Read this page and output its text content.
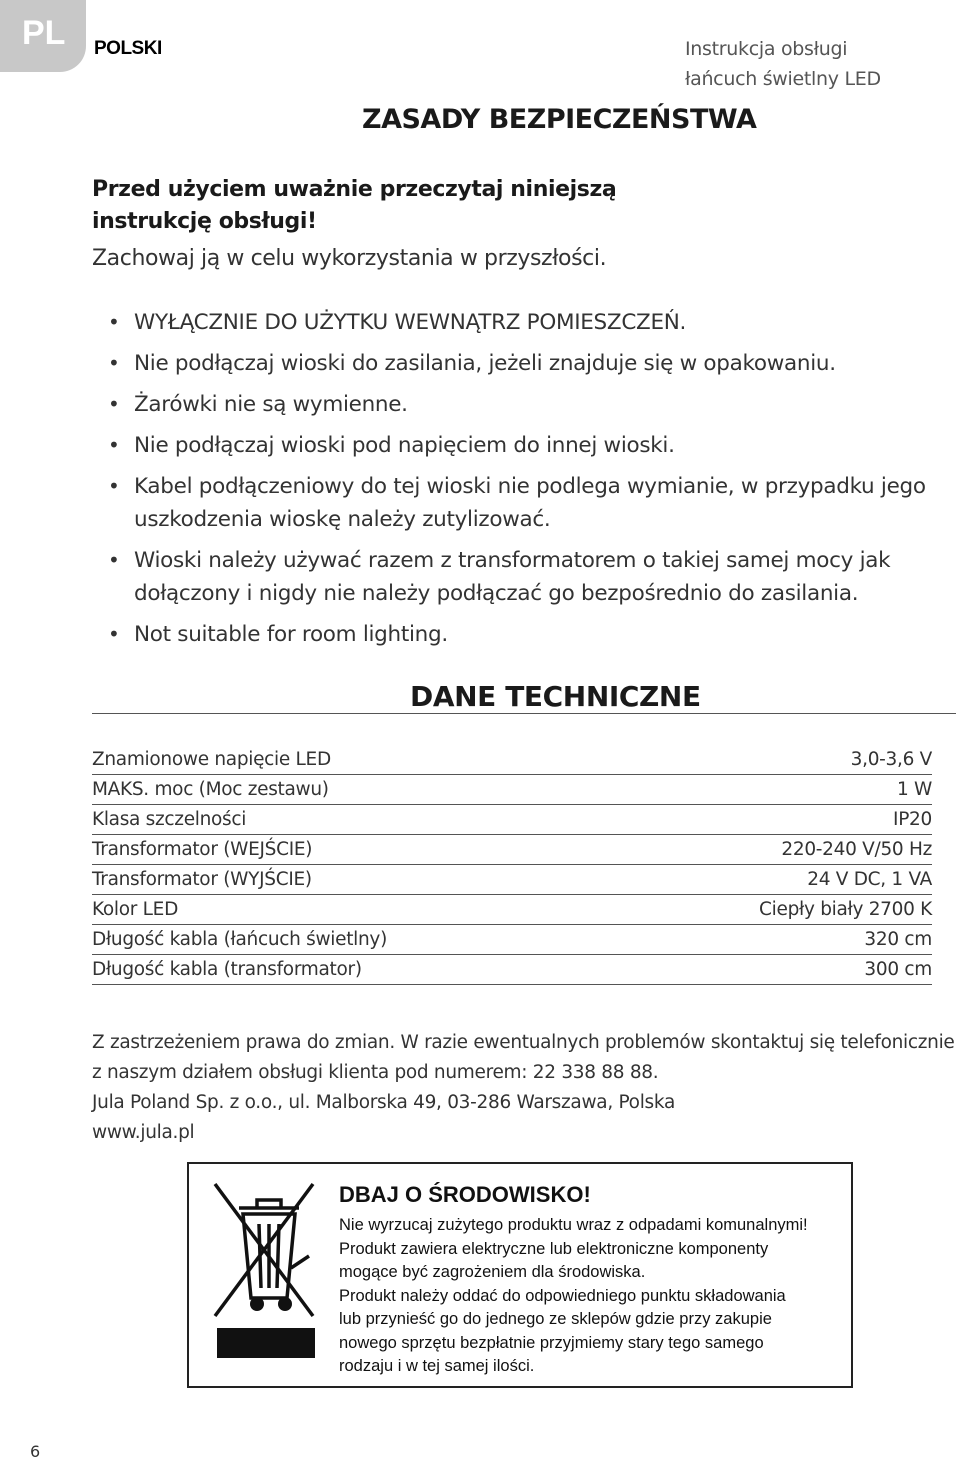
PL POLSKI	Instrukcja obsługi łańcuch świetlny LED
ZASADY BEZPIECZEŃSTWA
Przed użyciem uważnie przeczytaj niniejszą instrukcję obsługi!
Zachowaj ją w celu wykorzystania w przyszłości.
• WYŁĄCZNIE DO UŻYTKU WEWNĄTRZ POMIESZCZEŃ.
• Nie podłączaj wioski do zasilania, jeżeli znajduje się w opakowaniu.
• Żarówki nie są wymienne.
• Nie podłączaj wioski pod napięciem do innej wioski.
• Kabel podłączeniowy do tej wioski nie podlega wymianie, w przypadku jego uszkodzenia wioskę należy zutylizować.
• Wioski należy używać razem z transformatorem o takiej samej mocy jak dołączony i nigdy nie należy podłączać go bezpośrednio do zasilania.
• Not suitable for room lighting.
DANE TECHNICZNE
Znamionowe napięcie LED	3,0-3,6 V
MAKS. moc (Moc zestawu)	1 W
Klasa szczelności	IP20
Transformator (WEJŚCIE)	220-240 V/50 Hz
Transformator (WYJŚCIE)	24 V DC, 1 VA
Kolor LED	Ciepły biały 2700 K
Długość kabla (łańcuch świetlny)	320 cm
Długość kabla (transformator)	300 cm
Z zastrzeżeniem prawa do zmian. W razie ewentualnych problemów skontaktuj się telefonicznie
z naszym działem obsługi klienta pod numerem: 22 338 88 88.
Jula Poland Sp. z o.o., ul. Malborska 49, 03-286 Warszawa, Polska
www.jula.pl
DBAJ O ŚRODOWISKO!
Nie wyrzucaj zużytego produktu wraz z odpadami komunalnymi!
Produkt zawiera elektryczne lub elektroniczne komponenty
mogące być zagrożeniem dla środowiska.
Produkt należy oddać do odpowiedniego punktu składowania
lub przynieść go do jednego ze sklepów gdzie przy zakupie
nowego sprzętu bezpłatnie przyjmiemy stary tego samego
rodzaju i w tej samej ilości.
6
